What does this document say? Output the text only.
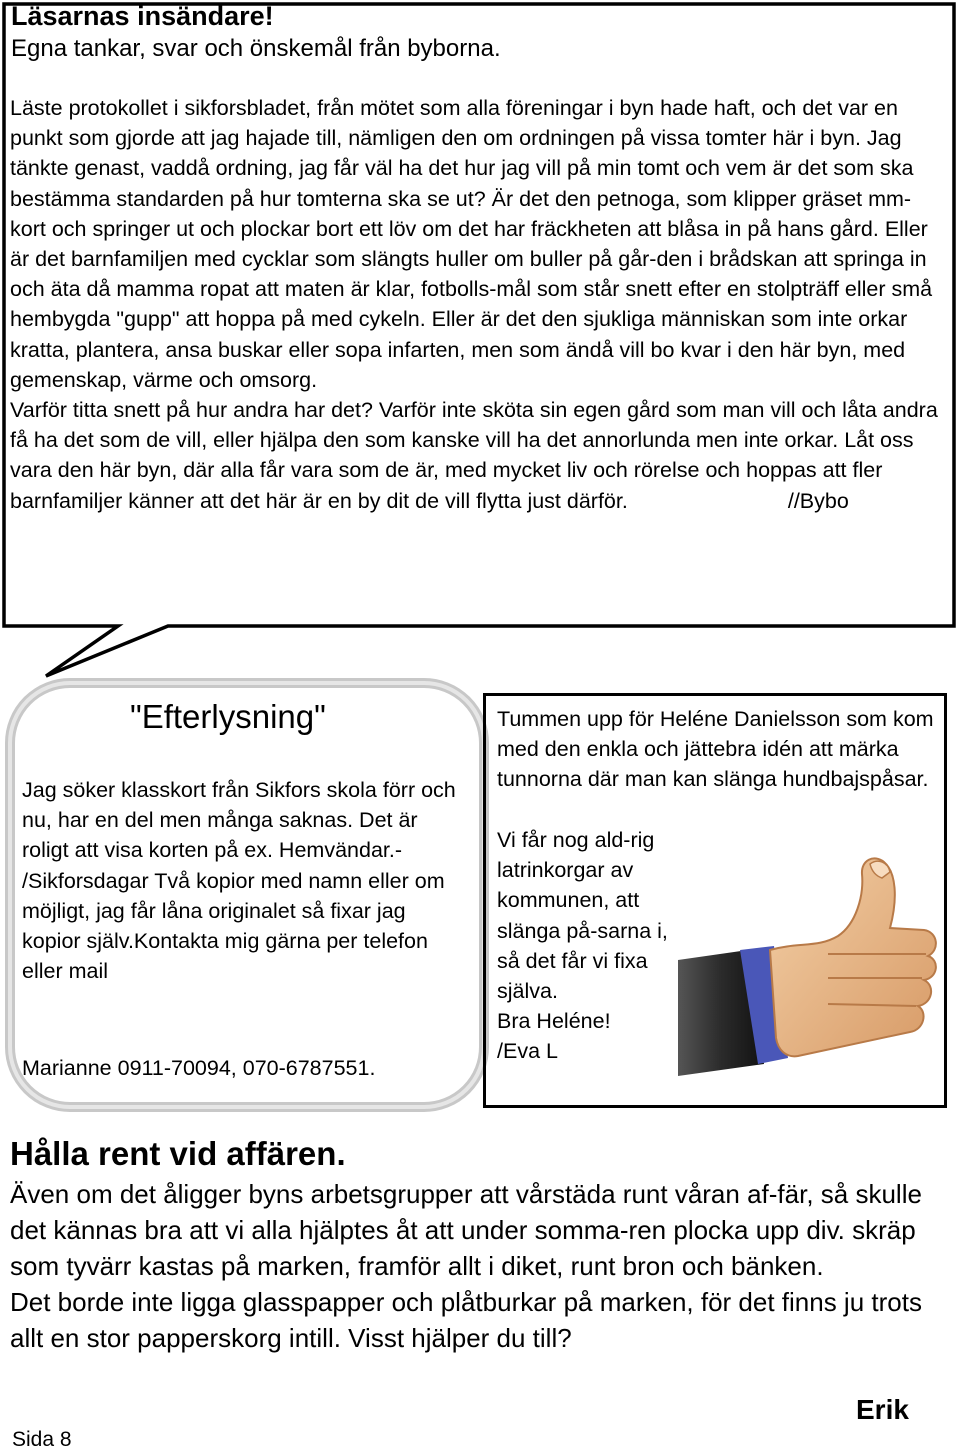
Läsarnas insändare!
Egna tankar, svar och önskemål från byborna.

Läste protokollet i sikforsbladet, från mötet som alla föreningar i byn hade haft, och det var en punkt som gjorde att jag hajade till, nämligen den om ordningen på vissa tomter här i byn. Jag tänkte genast, vaddå ordning, jag får väl ha det hur jag vill på min tomt och vem är det som ska bestämma standarden på hur tomterna ska se ut? Är det den petnoga, som klipper gräset mm-kort och springer ut och plockar bort ett löv om det har fräckheten att blåsa in på hans gård. Eller är det barnfamiljen med cycklar som slängts huller om buller på går-den i brådskan att springa in och äta då mamma ropat att maten är klar, fotbolls-mål som står snett efter en stolpträff eller små hembygda "gupp" att hoppa på med cykeln. Eller är det den sjukliga människan som inte orkar kratta, plantera, ansa buskar eller sopa infarten, men som ändå vill bo kvar i den här byn, med gemenskap, värme och omsorg.

Varför titta snett på hur andra har det? Varför inte sköta sin egen gård som man vill och låta andra få ha det som de vill, eller hjälpa den som kanske vill ha det annorlunda men inte orkar. Låt oss vara den här byn, där alla får vara som de är, med mycket liv och rörelse och hoppas att fler barnfamiljer känner att det här är en by dit de vill flytta just därför.	//Bybo

"Efterlysning"
Jag söker klasskort från Sikfors skola förr och nu, har en del men många saknas. Det är roligt att visa korten på ex. Hemvändar.- /Sikforsdagar Två kopior med namn eller om möjligt, jag får låna originalet så fixar jag kopior själv.Kontakta mig gärna per telefon eller mail
Marianne 0911-70094, 070-6787551.
Tummen upp för Heléne Danielsson som kom med den enkla och jättebra idén att märka tunnorna där man kan slänga hundbajspåsar.

Vi får nog ald-rig latrinkorgar av kommunen, att slänga på-sarna i, så det får vi fixa själva.

Bra Heléne!

/Eva L

Hålla rent vid affären.

Även om det åligger byns arbetsgrupper att vårstäda runt våran af-fär, så skulle det kännas bra att vi alla hjälptes åt att under somma-ren plocka upp div. skräp som tyvärr kastas på marken, framför allt i diket, runt bron och bänken.

Det borde inte ligga glasspapper och plåtburkar på marken, för det finns ju trots allt en stor papperskorg intill. Visst hjälper du till?

Erik
Sida 8
